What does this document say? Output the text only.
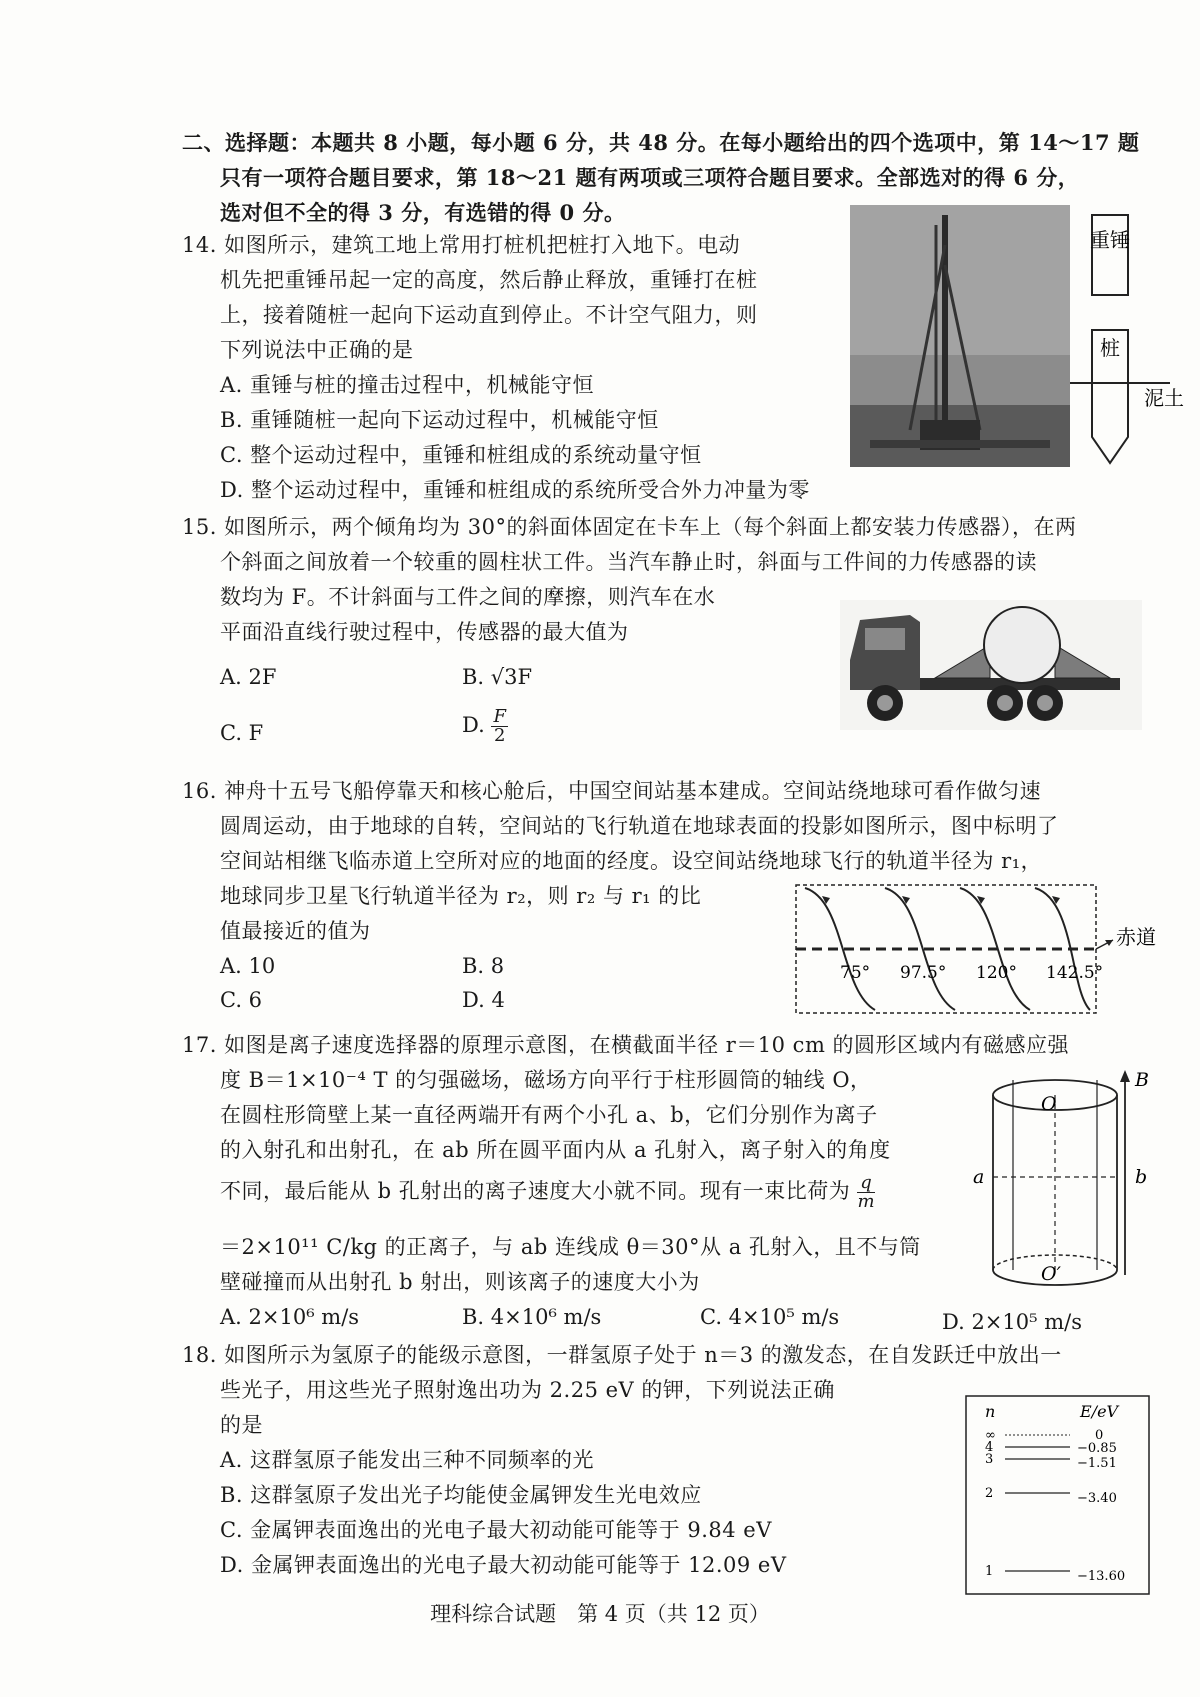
二、选择题：本题共 8 小题，每小题 6 分，共 48 分。在每小题给出的四个选项中，第 14～17 题
只有一项符合题目要求，第 18～21 题有两项或三项符合题目要求。全部选对的得 6 分，
选对但不全的得 3 分，有选错的得 0 分。
14. 如图所示，建筑工地上常用打桩机把桩打入地下。电动
机先把重锤吊起一定的高度，然后静止释放，重锤打在桩
上，接着随桩一起向下运动直到停止。不计空气阻力，则
下列说法中正确的是
A. 重锤与桩的撞击过程中，机械能守恒
B. 重锤随桩一起向下运动过程中，机械能守恒
C. 整个运动过程中，重锤和桩组成的系统动量守恒
D. 整个运动过程中，重锤和桩组成的系统所受合外力冲量为零
重锤
桩
泥土
15. 如图所示，两个倾角均为 30°的斜面体固定在卡车上（每个斜面上都安装力传感器），在两
个斜面之间放着一个较重的圆柱状工件。当汽车静止时，斜面与工件间的力传感器的读
数均为 F。不计斜面与工件之间的摩擦，则汽车在水
平面沿直线行驶过程中，传感器的最大值为
A. 2F	B. √3F
C. F	D. $\frac{F}{2}$
16. 神舟十五号飞船停靠天和核心舱后，中国空间站基本建成。空间站绕地球可看作做匀速
圆周运动，由于地球的自转，空间站的飞行轨道在地球表面的投影如图所示，图中标明了
空间站相继飞临赤道上空所对应的地面的经度。设空间站绕地球飞行的轨道半径为 r₁，
地球同步卫星飞行轨道半径为 r₂，则 r₂ 与 r₁ 的比
值最接近的值为
A. 10	B. 8
C. 6	D. 4
赤道
75° 97.5° 120° 142.5°
17. 如图是离子速度选择器的原理示意图，在横截面半径 r＝10 cm 的圆形区域内有磁感应强
度 B＝1×10⁻⁴ T 的匀强磁场，磁场方向平行于柱形圆筒的轴线 O，
在圆柱形筒壁上某一直径两端开有两个小孔 a、b，它们分别作为离子
的入射孔和出射孔，在 ab 所在圆平面内从 a 孔射入，离子射入的角度
不同，最后能从 b 孔射出的离子速度大小就不同。现有一束比荷为 $\frac{q}{m}$
＝2×10¹¹ C/kg 的正离子，与 ab 连线成 θ＝30°从 a 孔射入，且不与筒
壁碰撞而从出射孔 b 射出，则该离子的速度大小为
A. 2×10⁶ m/s	B. 4×10⁶ m/s	C. 4×10⁵ m/s	D. 2×10⁵ m/s
B
O
O′
a	b
18. 如图所示为氢原子的能级示意图，一群氢原子处于 n＝3 的激发态，在自发跃迁中放出一
些光子，用这些光子照射逸出功为 2.25 eV 的钾，下列说法正确
的是
A. 这群氢原子能发出三种不同频率的光
B. 这群氢原子发出光子均能使金属钾发生光电效应
C. 金属钾表面逸出的光电子最大初动能可能等于 9.84 eV
D. 金属钾表面逸出的光电子最大初动能可能等于 12.09 eV
n	E/eV
∞	0
4	−0.85
3	−1.51
2	−3.40
1	−13.60
理科综合试题　第 4 页（共 12 页）
